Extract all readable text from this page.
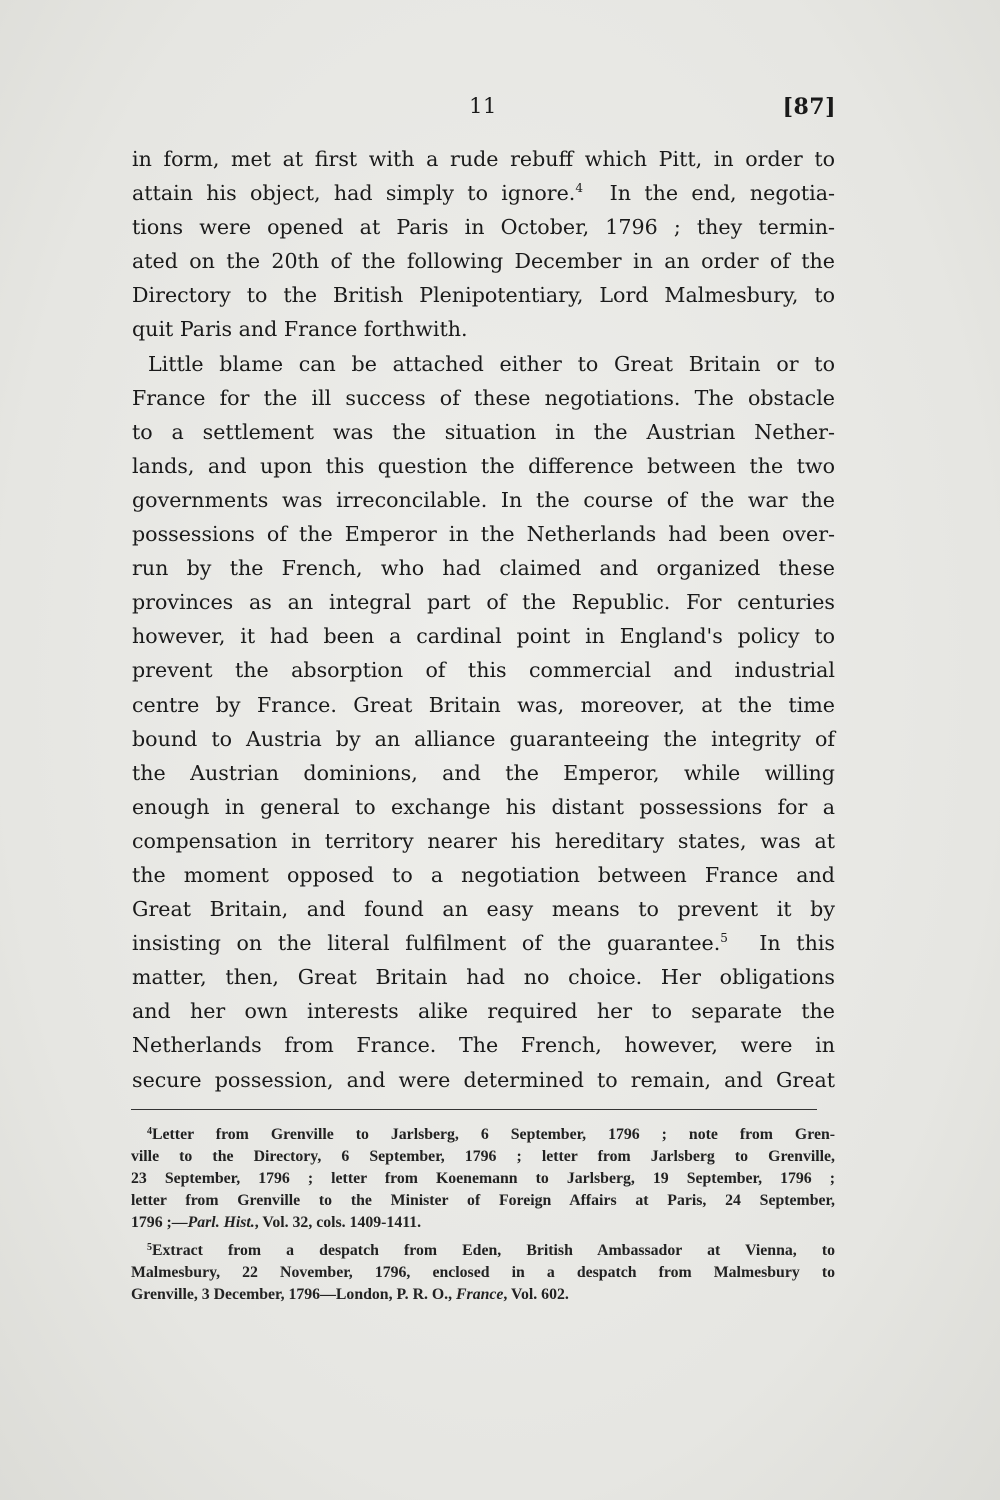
11	[87]
in form, met at first with a rude rebuff which Pitt, in order to
attain his object, had simply to ignore.$^4$ In the end, negotia-
tions were opened at Paris in October, 1796 ; they termin-
ated on the 20th of the following December in an order of the
Directory to the British Plenipotentiary, Lord Malmesbury, to
quit Paris and France forthwith.
Little blame can be attached either to Great Britain or to
France for the ill success of these negotiations. The obstacle
to a settlement was the situation in the Austrian Nether-
lands, and upon this question the difference between the two
governments was irreconcilable. In the course of the war the
possessions of the Emperor in the Netherlands had been over-
run by the French, who had claimed and organized these
provinces as an integral part of the Republic. For centuries
however, it had been a cardinal point in England's policy to
prevent the absorption of this commercial and industrial
centre by France. Great Britain was, moreover, at the time
bound to Austria by an alliance guaranteeing the integrity of
the Austrian dominions, and the Emperor, while willing
enough in general to exchange his distant possessions for a
compensation in territory nearer his hereditary states, was at
the moment opposed to a negotiation between France and
Great Britain, and found an easy means to prevent it by
insisting on the literal fulfilment of the guarantee.$^5$ In this
matter, then, Great Britain had no choice. Her obligations
and her own interests alike required her to separate the
Netherlands from France. The French, however, were in
secure possession, and were determined to remain, and Great
$^4$Letter from Grenville to Jarlsberg, 6 September, 1796 ; note from Gren-
ville to the Directory, 6 September, 1796 ; letter from Jarlsberg to Grenville,
23 September, 1796 ; letter from Koenemann to Jarlsberg, 19 September, 1796 ;
letter from Grenville to the Minister of Foreign Affairs at Paris, 24 September,
1796 ;—Parl. Hist., Vol. 32, cols. 1409-1411.
$^5$Extract from a despatch from Eden, British Ambassador at Vienna, to
Malmesbury, 22 November, 1796, enclosed in a despatch from Malmesbury to
Grenville, 3 December, 1796—London, P. R. O., France, Vol. 602.
